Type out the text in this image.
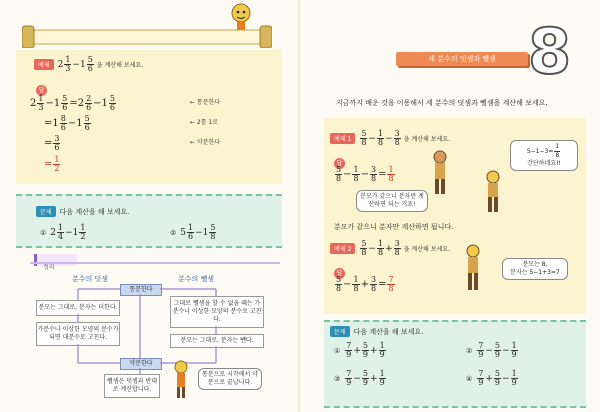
예제 $2 \frac{1}{3} -1 \frac{5}{6}$ 을 계산해 보세요.
답
$2 \frac{1}{3} -1 \frac{5}{6} =2 \frac{2}{6} -1 \frac{5}{6}$	← 통분한다
$=1 \frac{8}{6} -1 \frac{5}{6}$	← 2를 1로
= $\frac{3}{6}$	← 약분한다
= $\frac{1}{2}$
문제	다음 계산을 해 보세요.
① $2 \frac{1}{4} -1 \frac{1}{2}$	② $5 \frac{1}{6} -1 \frac{5}{8}$
정리
분수의 덧셈	분수의 뺄셈
통분한다
분모는 그대로, 분자는 더한다.
가분수나 이상한 모양의 분수가 되면 대분수로 고친다.
그대로 뺄셈을 할 수 없을 때는 가분수나 이상한 모양의 분수로 고친다.
분모는 그대로, 분자는 뺀다.
약분한다
뺄셈은 덧셈과 반대로 계산합니다.
통분으로 시작해서 약분으로 끝납니다.
세 분수의 덧셈과 뺄셈 8
지금까지 배운 것을 이용해서 세 분수의 덧셈과 뺄셈을 계산해 보세요.
예제 1	$\frac{5}{8} - \frac{1}{8} - \frac{3}{8}$ 을 계산해 보세요.
답
$\frac{5}{8} - \frac{1}{8} - \frac{3}{8} = \frac{1}{8}$
$5-1-3 = \frac{1}{8}$
간단하네요!!
분모가 같으니 분자만 계산하면 되는 거죠!
분모가 같으니 분자만 계산하면 됩니다.
예제 2	$\frac{5}{8} - \frac{1}{8} + \frac{3}{8}$ 을 계산해 보세요.
답
$\frac{5}{8} - \frac{1}{8} + \frac{3}{8} = \frac{7}{8}$
분모는 8,
분자는 5−1+3=7
문제	다음 계산을 해 보세요.
① $\frac{7}{9} + \frac{5}{9} + \frac{1}{9}$	② $\frac{7}{9} - \frac{5}{9} - \frac{1}{9}$
③ $\frac{7}{9} - \frac{5}{9} + \frac{1}{9}$	④ $\frac{7}{9} + \frac{5}{9} - \frac{1}{9}$
